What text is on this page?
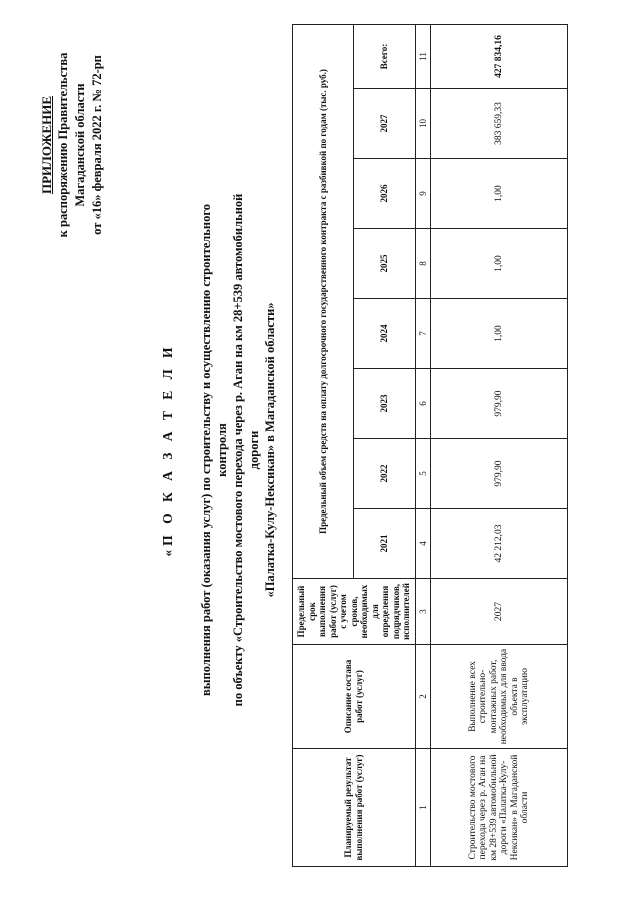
ПРИЛОЖЕНИЕ к распоряжению Правительства Магаданской области от «16» февраля 2022 г. № 72-рп
«П О К А З А Т Е Л И выполнения работ (оказания услуг) по строительству и осуществлению строительного контроля по объекту «Строительство мостового перехода через р. Аган на км 28+539 автомобильной дороги «Палатка-Кулу-Нексикан» в Магаданской области»
Планируемый результат выполнения работ (услуг)	Описание состава работ (услуг)	Предельный срок выполнения работ (услуг) с учетом сроков, необходимых для определения подрядчиков, исполнителей	Предельный объем средств на оплату долгосрочного государственного контракта с разбивкой по годам (тыс. руб.)							
			2021	2022	2023	2024	2025	2026	2027	Всего:
1	2	3	4	5	6	7	8	9	10	11
Строительство мостового перехода через р. Аган на км 28+539 автомобильной дороги «Палатка-Кулу-Нексикан» в Магаданской области	Выполнение всех строительно-монтажных работ, необходимых для ввода объекта в эксплуатацию	2027	42 212,03	979,90	979,90	1,00	1,00	1,00	383 659,33	427 834,16
